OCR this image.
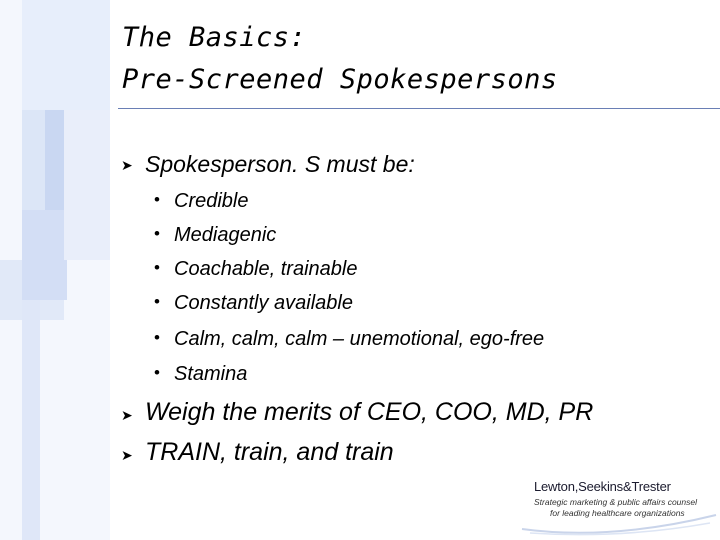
The Basics:
Pre-Screened Spokespersons
➤ Spokesperson. S must be:
• Credible
• Mediagenic
• Coachable, trainable
• Constantly available
• Calm, calm, calm – unemotional, ego-free
• Stamina
➤ Weigh the merits of CEO, COO, MD, PR
➤ TRAIN, train, and train
Lewton,Seekins&Trester
Strategic marketing & public affairs counsel
for leading healthcare organizations
